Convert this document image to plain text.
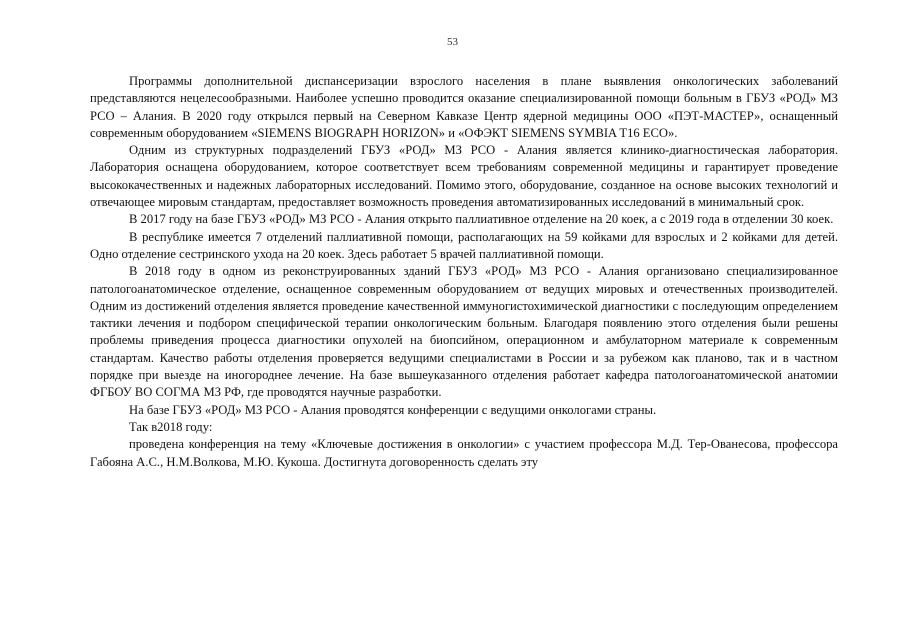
53

Программы дополнительной диспансеризации взрослого населения в плане выявления онкологических заболеваний представляются нецелесообразными. Наиболее успешно проводится оказание специализированной помощи больным в ГБУЗ «РОД» МЗ РСО – Алания. В 2020 году открылся первый на Северном Кавказе Центр ядерной медицины ООО «ПЭТ-МАСТЕР», оснащенный современным оборудованием «SIEMENS BIOGRAPH HORIZON» и «ОФЭКТ SIEMENS SYMBIA T16 ECO».

Одним из структурных подразделений ГБУЗ «РОД» МЗ РСО - Алания является клинико-диагностическая лаборатория. Лаборатория оснащена оборудованием, которое соответствует всем требованиям современной медицины и гарантирует проведение высококачественных и надежных лабораторных исследований. Помимо этого, оборудование, созданное на основе высоких технологий и отвечающее мировым стандартам, предоставляет возможность проведения автоматизированных исследований в минимальный срок.

В 2017 году на базе ГБУЗ «РОД» МЗ РСО - Алания открыто паллиативное отделение на 20 коек, а с 2019 года в отделении 30 коек.

В республике имеется 7 отделений паллиативной помощи, располагающих на 59 койками для взрослых и 2 койками для детей. Одно отделение сестринского ухода на 20 коек. Здесь работает 5 врачей паллиативной помощи.

В 2018 году в одном из реконструированных зданий ГБУЗ «РОД» МЗ РСО - Алания организовано специализированное патологоанатомическое отделение, оснащенное современным оборудованием от ведущих мировых и отечественных производителей. Одним из достижений отделения является проведение качественной иммуногистохимической диагностики с последующим определением тактики лечения и подбором специфической терапии онкологическим больным. Благодаря появлению этого отделения были решены проблемы приведения процесса диагностики опухолей на биопсийном, операционном и амбулаторном материале к современным стандартам. Качество работы отделения проверяется ведущими специалистами в России и за рубежом как планово, так и в частном порядке при выезде на иногороднее лечение. На базе вышеуказанного отделения работает кафедра патологоанатомической анатомии ФГБОУ ВО СОГМА МЗ РФ, где проводятся научные разработки.

На базе ГБУЗ «РОД» МЗ РСО - Алания проводятся конференции с ведущими онкологами страны.

Так в2018 году:

проведена конференция на тему «Ключевые достижения в онкологии» с участием профессора М.Д. Тер-Ованесова, профессора Габояна А.С., Н.М.Волкова, М.Ю. Кукоша. Достигнута договоренность сделать эту
